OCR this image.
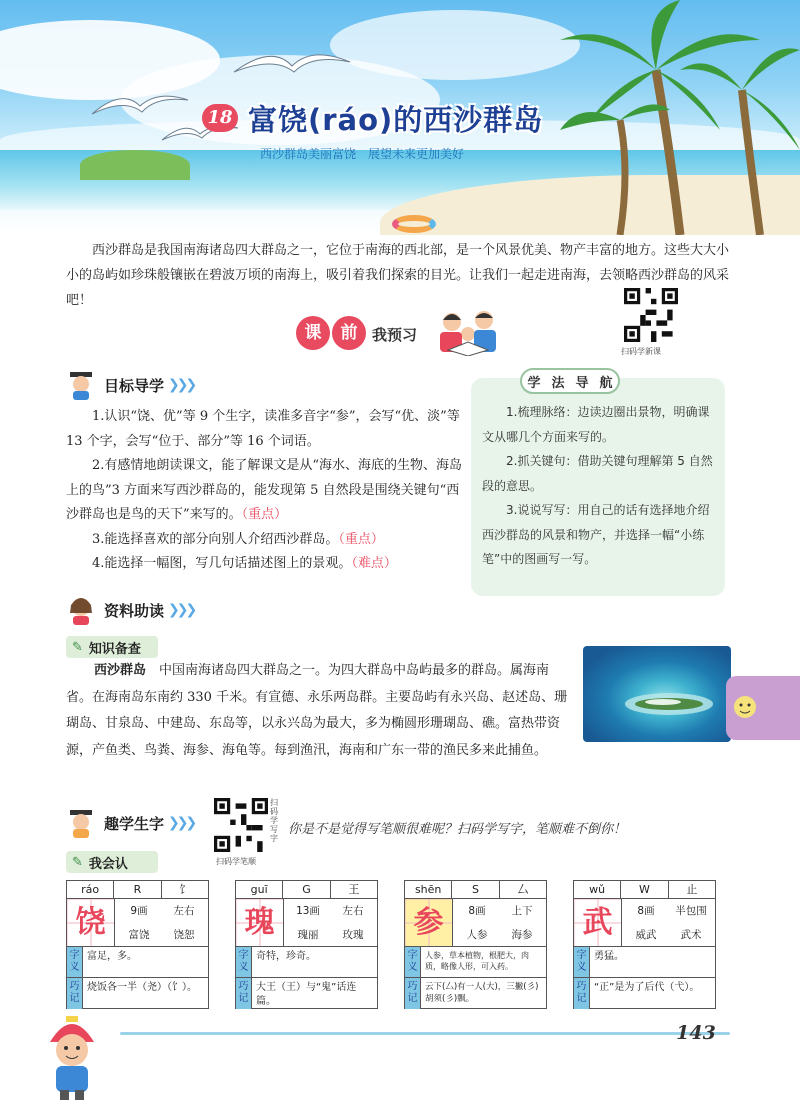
18 富饶(ráo)的西沙群岛
西沙群岛美丽富饶　展望未来更加美好

西沙群岛是我国南海诸岛四大群岛之一，它位于南海的西北部，是一个风景优美、物产丰富的地方。这些大大小小的岛屿如珍珠般镶嵌在碧波万顷的南海上，吸引着我们探索的目光。让我们一起走进南海，去领略西沙群岛的风采吧！

扫码学新课
课	前 我预习
目标导学 ❯❯❯

1.认识“饶、优”等 9 个生字，读准多音字“参”，会写“优、淡”等 13 个字，会写“位于、部分”等 16 个词语。

2.有感情地朗读课文，能了解课文是从“海水、海底的生物、海岛上的鸟”3 方面来写西沙群岛的，能发现第 5 自然段是围绕关键句“西沙群岛也是鸟的天下”来写的。（重点）

3.能选择喜欢的部分向别人介绍西沙群岛。（重点）

4.能选择一幅图，写几句话描述图上的景观。（难点）

学 法 导 航

1.梳理脉络：边读边圈出景物，明确课文从哪几个方面来写的。

2.抓关键句：借助关键句理解第 5 自然段的意思。

3.说说写写：用自己的话有选择地介绍西沙群岛的风景和物产，并选择一幅“小练笔”中的图画写一写。

资料助读 ❯❯❯
✎ 知识备查

西沙群岛　中国南海诸岛四大群岛之一。为四大群岛中岛屿最多的群岛。属海南省。在海南岛东南约 330 千米。有宣德、永乐两岛群。主要岛屿有永兴岛、赵述岛、珊瑚岛、甘泉岛、中建岛、东岛等，以永兴岛为最大，多为椭圆形珊瑚岛、礁。富热带资源，产鱼类、鸟粪、海参、海龟等。每到渔汛，海南和广东一带的渔民多来此捕鱼。

趣学生字 ❯❯❯
扫码学写字
扫码学笔顺
你是不是觉得写笔顺很难呢？扫码学写字，笔顺难不倒你！
✎ 我会认
ráo	R	饣
饶	9画	左右
富饶	饶恕
字义
富足，多。
巧记
烧饭各一半（尧）（饣）。
guī	G	王
瑰	13画	左右
瑰丽	玫瑰
字义
奇特，珍奇。
巧记
大王（王）与“鬼”话连篇。
shēn	S	厶
参	8画	上下
人参	海参
字义
人参，草本植物，根肥大，肉质，略像人形，可入药。
巧记
云下(厶)有一人(大)，三撇(彡)胡须(彡)飘。
wǔ	W	止
武	8画	半包围
威武	武术
字义
勇猛。
巧记
“正”是为了后代（弋）。
143
